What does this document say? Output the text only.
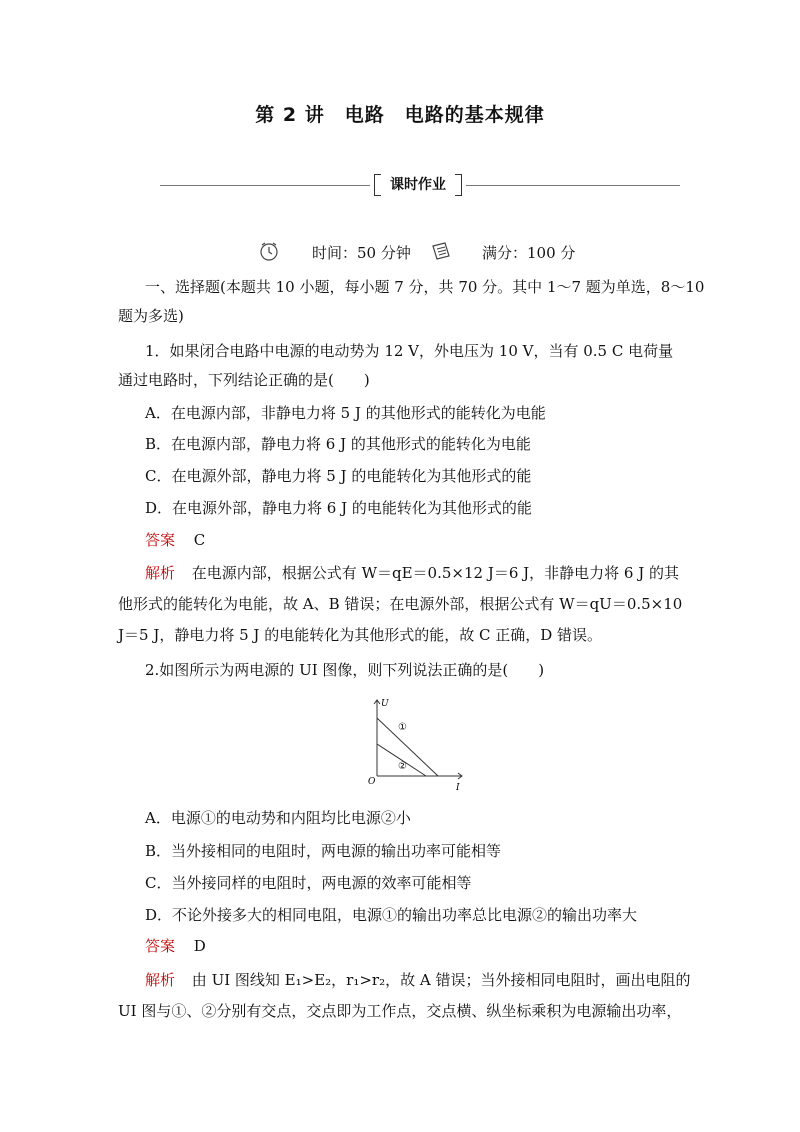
第 2 讲　电路　电路的基本规律
课时作业
时间：50 分钟	满分：100 分

一、选择题(本题共 10 小题，每小题 7 分，共 70 分。其中 1～7 题为单选，8～10

题为多选)

1．如果闭合电路中电源的电动势为 12 V，外电压为 10 V，当有 0.5 C 电荷量

通过电路时，下列结论正确的是(　　)

A．在电源内部，非静电力将 5 J 的其他形式的能转化为电能

B．在电源内部，静电力将 6 J 的其他形式的能转化为电能

C．在电源外部，静电力将 5 J 的电能转化为其他形式的能

D．在电源外部，静电力将 6 J 的电能转化为其他形式的能

答案 C

解析 在电源内部，根据公式有 W＝qE＝0.5×12 J＝6 J，非静电力将 6 J 的其

他形式的能转化为电能，故 A、B 错误；在电源外部，根据公式有 W＝qU＝0.5×10

J＝5 J，静电力将 5 J 的电能转化为其他形式的能，故 C 正确，D 错误。

2.如图所示为两电源的 UI 图像，则下列说法正确的是(　　)

U
I
O
①
②

A．电源①的电动势和内阻均比电源②小

B．当外接相同的电阻时，两电源的输出功率可能相等

C．当外接同样的电阻时，两电源的效率可能相等

D．不论外接多大的相同电阻，电源①的输出功率总比电源②的输出功率大

答案 D

解析 由 UI 图线知 E₁>E₂，r₁>r₂，故 A 错误；当外接相同电阻时，画出电阻的

UI 图与①、②分别有交点，交点即为工作点，交点横、纵坐标乘积为电源输出功率，
